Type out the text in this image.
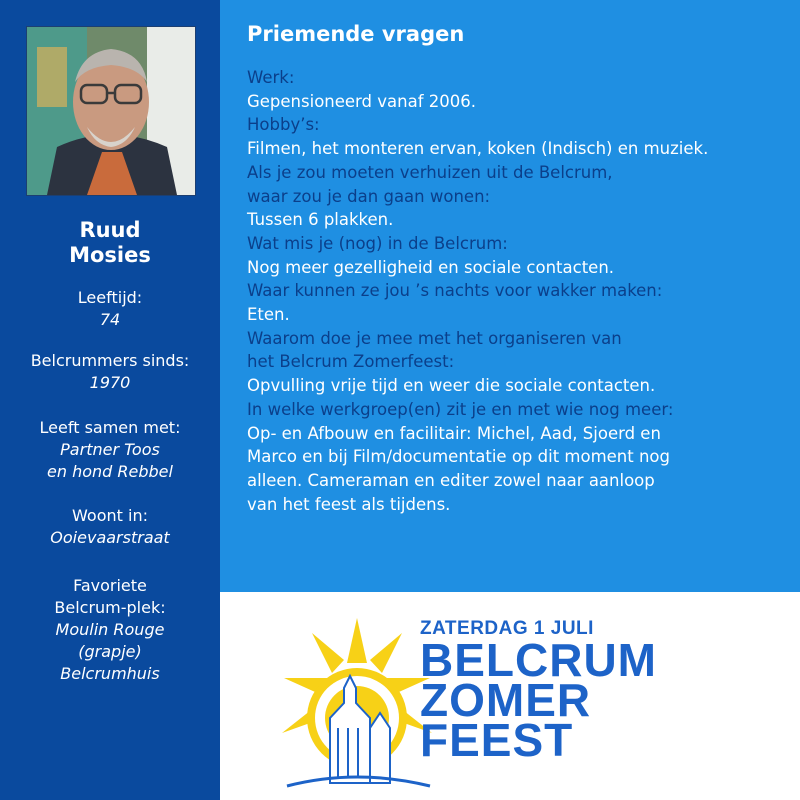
Ruud
Mosies
Leeftijd:
74
Belcrummers sinds:
1970
Leeft samen met:
Partner Toos
en hond Rebbel
Woont in:
Ooievaarstraat
Favoriete
Belcrum-plek:
Moulin Rouge
(grapje)
Belcrumhuis
Priemende vragen
Werk:
Gepensioneerd vanaf 2006.
Hobby’s:
Filmen, het monteren ervan, koken (Indisch) en muziek.
Als je zou moeten verhuizen uit de Belcrum,
waar zou je dan gaan wonen:
Tussen 6 plakken.
Wat mis je (nog) in de Belcrum:
Nog meer gezelligheid en sociale contacten.
Waar kunnen ze jou ’s nachts voor wakker maken:
Eten.
Waarom doe je mee met het organiseren van
het Belcrum Zomerfeest:
Opvulling vrije tijd en weer die sociale contacten.
In welke werkgroep(en) zit je en met wie nog meer:
Op- en Afbouw en facilitair: Michel, Aad, Sjoerd en
Marco en bij Film/documentatie op dit moment nog
alleen. Cameraman en editer zowel naar aanloop
van het feest als tijdens.
ZATERDAG 1 JULI
BELCRUM
ZOMER
FEEST
